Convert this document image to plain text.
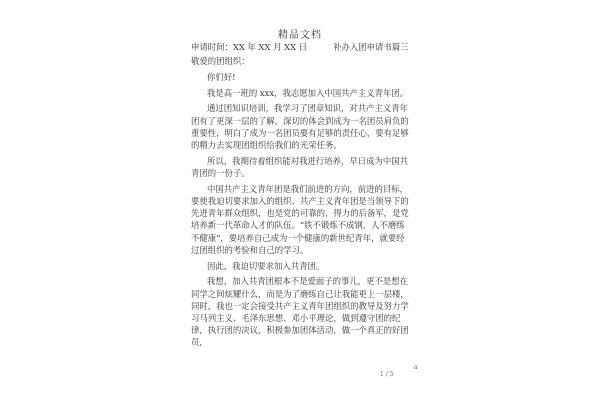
精品文档
申请时间：XX 年 XX 月 XX 日	补办入团申请书篇三

敬爱的团组织：

你们好!

我是高一班的 xxx，我志愿加入中国共产主义青年团。

通过团知识培训，我学习了团章知识，对共产主义青年团有了更深一层的了解，深切的体会到成为一名团员肩负的重要性，明白了成为一名团员要有足够的责任心，要有足够的精力去实现团组织给我们的光荣任务。

所以，我期待着组织能对我进行培养，早日成为中国共青团的一份子。

中国共产主义青年团是我们前进的方向，前进的目标，要使我迫切要求加入的组织、共产主义青年团是当领导下的先进青年群众组织，也是党的可靠的，得力的后备军，是党培养新一代革命人才的队伍。“铁不锻炼不成钢，人不磨练不健康”，要培养自己成为一个健康的新世纪青年，就要经过团组织的考验和自己的学习。

因此，我迫切要求加入共青团。

我想，加入共青团根本不是爱面子的事儿，更不是想在同学之间炫耀什么，而是为了磨练自己让我能更上一层楼，同时，我也一定会接受共产主义青年团组织的教导及努力学习马列主义、毛泽东思想、邓小平理论，做到遵守团的纪律，执行团的决议，积极参加团体活动，做一个真正的好团员，

a
1 / 5
